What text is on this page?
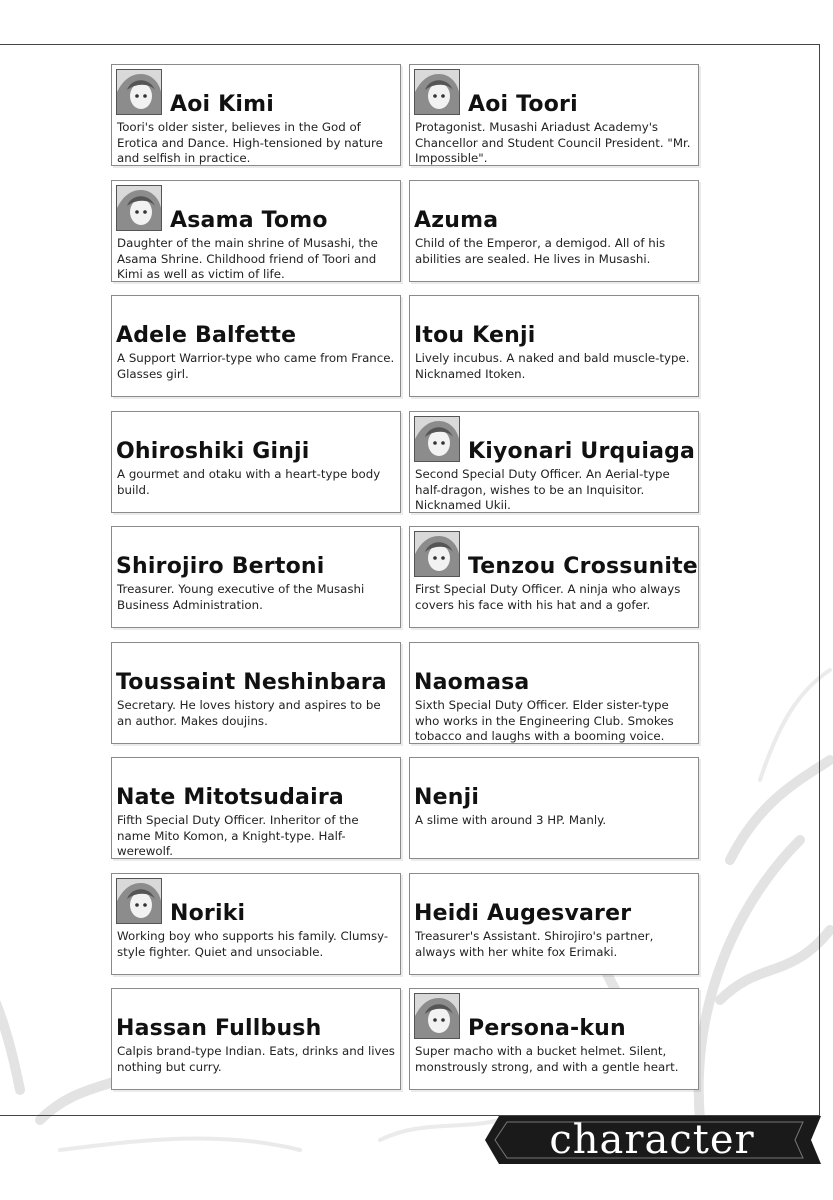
Aoi Kimi
Toori's older sister, believes in the God of Erotica and Dance. High-tensioned by nature and selfish in practice.
Aoi Toori
Protagonist. Musashi Ariadust Academy's Chancellor and Student Council President. "Mr. Impossible".
Asama Tomo
Daughter of the main shrine of Musashi, the Asama Shrine. Childhood friend of Toori and Kimi as well as victim of life.
Azuma
Child of the Emperor, a demigod. All of his abilities are sealed. He lives in Musashi.
Adele Balfette
A Support Warrior-type who came from France. Glasses girl.
Itou Kenji
Lively incubus. A naked and bald muscle-type. Nicknamed Itoken.
Ohiroshiki Ginji
A gourmet and otaku with a heart-type body build.
Kiyonari Urquiaga
Second Special Duty Officer. An Aerial-type half-dragon, wishes to be an Inquisitor. Nicknamed Ukii.
Shirojiro Bertoni
Treasurer. Young executive of the Musashi Business Administration.
Tenzou Crossunite
First Special Duty Officer. A ninja who always covers his face with his hat and a gofer.
Toussaint Neshinbara
Secretary. He loves history and aspires to be an author. Makes doujins.
Naomasa
Sixth Special Duty Officer. Elder sister-type who works in the Engineering Club. Smokes tobacco and laughs with a booming voice.
Nate Mitotsudaira
Fifth Special Duty Officer. Inheritor of the name Mito Komon, a Knight-type. Half-werewolf.
Nenji
A slime with around 3 HP. Manly.
Noriki
Working boy who supports his family. Clumsy-style fighter. Quiet and unsociable.
Heidi Augesvarer
Treasurer's Assistant. Shirojiro's partner, always with her white fox Erimaki.
Hassan Fullbush
Calpis brand-type Indian. Eats, drinks and lives nothing but curry.
Persona-kun
Super macho with a bucket helmet. Silent, monstrously strong, and with a gentle heart.
character
